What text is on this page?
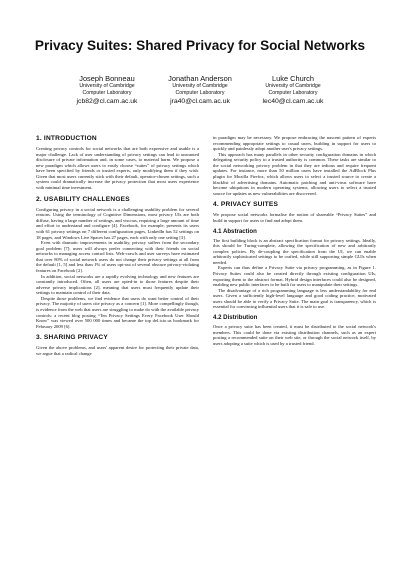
Privacy Suites: Shared Privacy for Social Networks
Joseph Bonneau
University of Cambridge
Computer Laboratory
jcb82@cl.cam.ac.uk
Jonathan Anderson
University of Cambridge
Computer Laboratory
jra40@cl.cam.ac.uk
Luke Church
University of Cambridge
Computer Laboratory
lec40@cl.cam.ac.uk
1. INTRODUCTION

Creating privacy controls for social networks that are both expressive and usable is a major challenge. Lack of user understanding of privacy settings can lead to unwanted disclosure of private information and, in some cases, to material harm. We propose a new paradigm which allows users to easily choose “suites” of privacy settings which have been specified by friends or trusted experts, only modifying them if they wish. Given that most users currently stick with their default, operator-chosen settings, such a system could dramatically increase the privacy protection that most users experience with minimal time investment.

2. USABILITY CHALLENGES

Configuring privacy in a social network is a challenging usability problem for several reasons. Using the terminology of Cognitive Dimensions, most privacy UIs are both diffuse, having a large number of settings, and viscous, requiring a large amount of time and effort to understand and configure [4]. Facebook, for example, presents its users with 61 privacy settings on 7 different configuration pages, LinkedIn has 52 settings on 18 pages, and Windows Live Spaces has 27 pages, each with only one setting [3].

Even with dramatic improvements in usability, privacy suffers from the secondary goal problem [7]; users will always prefer connecting with their friends on social networks to managing access control lists. Web-crawls and user surveys have estimated that over 80% of social network users do not change their privacy settings at all from the default [1, 5] and less than 1% of users opt-out of several obscure privacy-violating features on Facebook [2].

In addition, social networks are a rapidly evolving technology and new features are constantly introduced. Often, all users are opted-in to those features despite their adverse privacy implications [2], meaning that users must frequently update their settings to maintain control of their data.

Despite those problems, we find evidence that users do want better control of their privacy. The majority of users cite privacy as a concern [1]. More compellingly though, is evidence from the web that users are struggling to make do with the available privacy controls: a recent blog posting “Ten Privacy Settings Every Facebook User Should Know” was viewed over 500 000 times and became the top del.icio.us bookmark for February 2009 [6].

3. SHARING PRIVACY

Given the above problems, and users' apparent desire for protecting their private data, we argue that a radical change

in paradigm may be necessary. We propose embracing the nascent pattern of experts recommending appropriate settings to casual users, building in support for users to quickly and painlessly adopt another user's privacy settings.

This approach has many parallels in other security configuration domains in which delegating security policy to a trusted authority is common. These tasks are similar to the social networking privacy problem in that they are tedious and require frequent updates. For instance, more than 50 million users have installed the AdBlock Plus plugin for Mozilla Firefox, which allows users to select a trusted source to create a blacklist of advertising domains. Automatic patching and anti-virus software have become ubiquitous in modern operating systems, allowing users to select a trusted source for updates as new vulnerabilities are discovered.

4. PRIVACY SUITES

We propose social networks formalise the notion of shareable “Privacy Suites” and build in support for users to find and adopt them.

4.1 Abstraction

The first building block is an abstract specification format for privacy settings. Ideally, this should be Turing-complete, allowing the specification of new and arbitrarily complex policies. By de-coupling the specification from the UI, we can enable arbitrarily sophisticated settings to be crafted, while still supporting simple GUIs when needed.

Experts can thus define a Privacy Suite via privacy programming, as in Figure 1. Privacy Suites could also be created directly through existing configuration UIs, exporting them to the abstract format. Hybrid design interfaces could also be designed, enabling new public interfaces to be built for users to manipulate their settings.

The disadvantage of a rich programming language is less understandability for end users. Given a sufficiently high-level language and good coding practice, motivated users should be able to verify a Privacy Suite. The main goal is transparency, which is essential for convincing influential users that it is safe to use.

4.2 Distribution

Once a privacy suite has been created, it must be distributed to the social network's members. This could be done via existing distribution channels, such as an expert posting a recommended suite on their web site, or through the social network itself, by users adopting a suite which is used by a trusted friend.
